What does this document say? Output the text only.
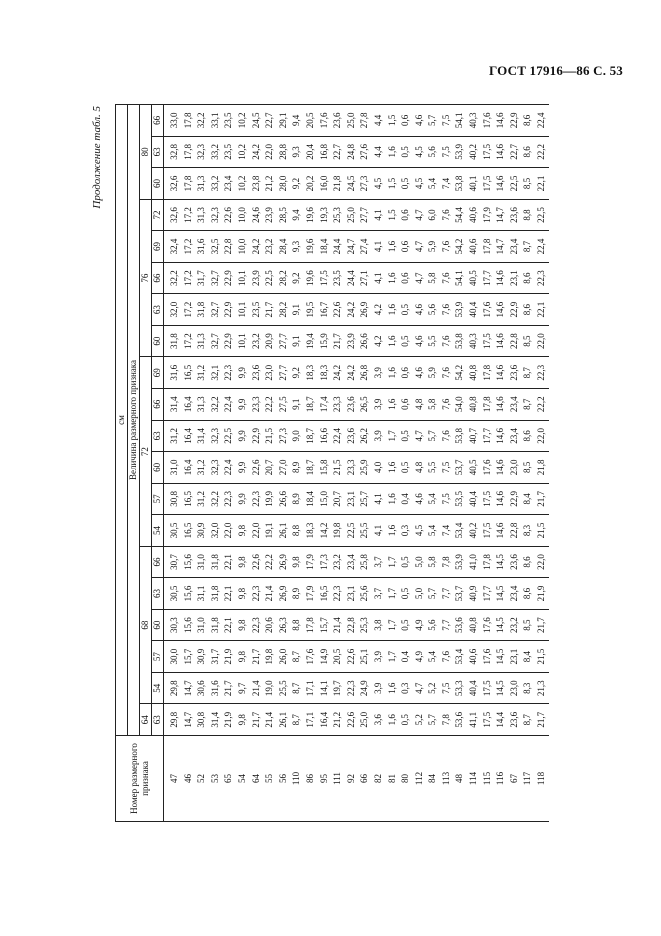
ГОСТ 17916—86 С. 53
Продолжение табл. 5
Номер размерного признака	см																			
	Величина размерного признака																			
	64	68					72						76					80		
	63	54	57	60	63	66	54	57	60	63	66	69	60	63	66	69	72	60	63	66
47	29,8	29,8	30,0	30,3	30,5	30,7	30,5	30,8	31,0	31,2	31,4	31,6	31,8	32,0	32,2	32,4	32,6	32,6	32,8	33,0
46	14,7	14,7	15,7	15,6	15,6	15,6	16,5	16,5	16,4	16,4	16,4	16,5	17,2	17,2	17,2	17,2	17,2	17,8	17,8	17,8
52	30,8	30,6	30,9	31,0	31,1	31,0	30,9	31,2	31,2	31,4	31,3	31,2	31,3	31,8	31,7	31,6	31,3	31,3	32,3	32,2
53	31,4	31,6	31,7	31,8	31,8	31,8	32,0	32,2	32,3	32,3	32,2	32,1	32,7	32,7	32,7	32,5	32,3	33,2	33,2	33,1
65	21,9	21,7	21,9	22,1	22,1	22,1	22,0	22,3	22,4	22,5	22,4	22,3	22,9	22,9	22,9	22,8	22,6	23,4	23,5	23,5
54	9,8	9,7	9,8	9,8	9,8	9,8	9,8	9,9	9,9	9,9	9,9	9,9	10,1	10,1	10,1	10,0	10,0	10,2	10,2	10,2
64	21,7	21,4	21,7	22,3	22,3	22,6	22,0	22,3	22,6	22,9	23,3	23,6	23,2	23,5	23,9	24,2	24,6	23,8	24,2	24,5
55	21,4	19,0	19,8	20,6	21,4	22,2	19,1	19,9	20,7	21,5	22,2	23,0	20,9	21,7	22,5	23,2	23,9	21,2	22,0	22,7
56	26,1	25,5	26,0	26,3	26,9	26,9	26,1	26,6	27,0	27,3	27,5	27,7	27,7	28,2	28,2	28,4	28,5	28,0	28,8	29,1
110	8,7	8,7	8,7	8,8	8,9	9,8	8,8	8,9	8,9	9,0	9,1	9,2	9,1	9,1	9,2	9,3	9,4	9,2	9,3	9,4
86	17,1	17,1	17,6	17,8	17,9	17,9	18,3	18,4	18,7	18,7	18,7	18,3	19,4	19,5	19,6	19,6	19,6	20,2	20,4	20,5
95	16,4	14,1	14,9	15,7	16,5	17,3	14,2	15,0	15,8	16,6	17,4	18,3	15,9	16,7	17,5	18,4	19,3	16,0	16,8	17,6
111	21,2	19,7	20,5	21,4	22,3	23,2	19,8	20,7	21,5	22,4	23,3	24,2	21,7	22,6	23,5	24,4	25,3	21,8	22,7	23,6
92	22,6	22,3	22,6	22,8	23,1	23,4	22,5	23,1	23,3	23,6	23,6	24,2	23,9	24,2	24,4	24,7	25,0	24,5	24,8	25,0
66	25,0	24,9	25,1	25,3	25,6	25,8	25,5	25,7	25,9	26,2	26,5	26,8	26,6	26,9	27,1	27,4	27,7	27,3	27,6	27,8
82	3,6	3,9	3,9	3,8	3,7	3,7	4,1	4,1	4,0	3,9	3,9	3,9	4,2	4,2	4,1	4,1	4,1	4,5	4,4	4,4
81	1,6	1,6	1,7	1,7	1,7	1,7	1,6	1,6	1,6	1,7	1,6	1,6	1,6	1,6	1,6	1,6	1,5	1,5	1,6	1,5
80	0,5	0,3	0,4	0,5	0,5	0,5	0,3	0,4	0,5	0,5	0,6	0,6	0,5	0,5	0,6	0,6	0,6	0,5	0,5	0,6
112	5,2	4,7	4,9	4,9	5,0	5,0	4,5	4,6	4,8	4,7	4,8	4,6	4,6	4,6	4,7	4,7	4,7	4,5	4,5	4,6
84	5,7	5,2	5,4	5,6	5,7	5,8	5,4	5,4	5,5	5,7	5,8	5,9	5,5	5,6	5,8	5,9	6,0	5,4	5,6	5,7
113	7,8	7,5	7,6	7,7	7,7	7,8	7,4	7,5	7,5	7,6	7,6	7,6	7,6	7,6	7,6	7,6	7,6	7,4	7,5	7,5
48	53,6	53,3	53,4	53,6	53,7	53,9	53,4	53,5	53,7	53,8	54,0	54,2	53,8	53,9	54,1	54,2	54,4	53,8	53,9	54,1
114	41,1	40,4	40,6	40,8	40,9	41,0	40,2	40,4	40,5	40,7	40,8	40,8	40,3	40,4	40,5	40,6	40,6	40,1	40,2	40,3
115	17,5	17,5	17,6	17,6	17,7	17,8	17,5	17,5	17,6	17,7	17,8	17,8	17,5	17,6	17,7	17,8	17,9	17,5	17,5	17,6
116	14,4	14,5	14,5	14,5	14,5	14,5	14,6	14,6	14,6	14,6	14,6	14,6	14,6	14,6	14,6	14,7	14,7	14,6	14,6	14,6
67	23,6	23,0	23,1	23,2	23,4	23,6	22,8	22,9	23,0	23,4	23,4	23,6	22,8	22,9	23,1	23,4	23,6	22,5	22,7	22,9
117	8,7	8,3	8,4	8,5	8,6	8,6	8,3	8,4	8,5	8,6	8,7	8,7	8,5	8,6	8,6	8,7	8,8	8,5	8,6	8,6
118	21,7	21,3	21,5	21,7	21,9	22,0	21,5	21,7	21,8	22,0	22,2	22,3	22,0	22,1	22,3	22,4	22,5	22,1	22,2	22,4
